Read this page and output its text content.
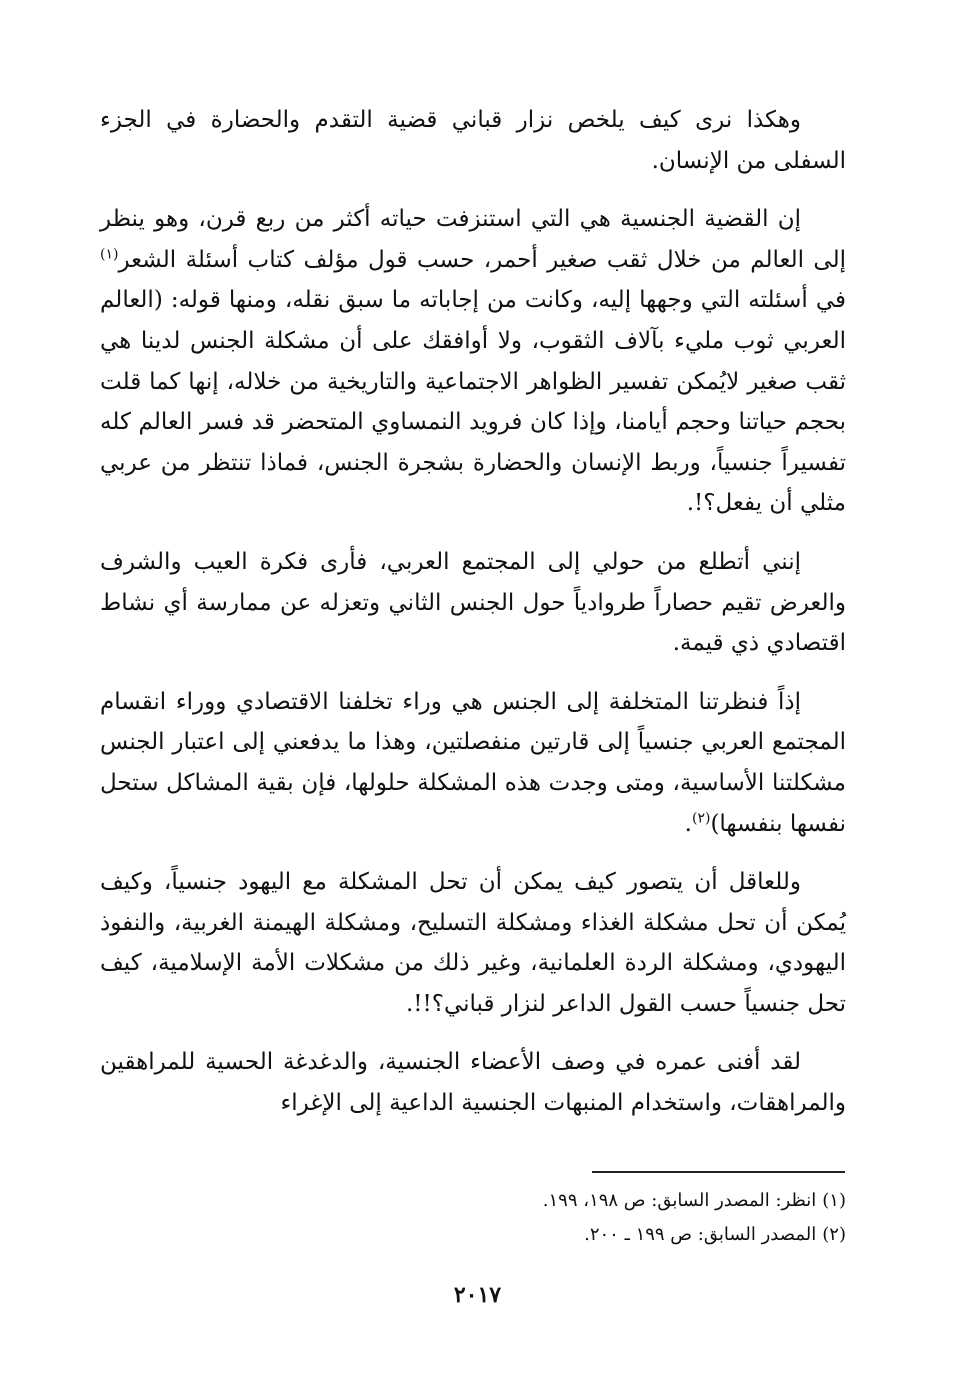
وهكذا نرى كيف يلخص نزار قباني قضية التقدم والحضارة في الجزء السفلى من الإنسان.

إن القضية الجنسية هي التي استنزفت حياته أكثر من ربع قرن، وهو ينظر إلى العالم من خلال ثقب صغير أحمر، حسب قول مؤلف كتاب أسئلة الشعر$^{(١)}$ في أسئلته التي وجهها إليه، وكانت من إجاباته ما سبق نقله، ومنها قوله: (العالم العربي ثوب مليء بآلاف الثقوب، ولا أوافقك على أن مشكلة الجنس لدينا هي ثقب صغير لايُمكن تفسير الظواهر الاجتماعية والتاريخية من خلاله، إنها كما قلت بحجم حياتنا وحجم أيامنا، وإذا كان فرويد النمساوي المتحضر قد فسر العالم كله تفسيراً جنسياً، وربط الإنسان والحضارة بشجرة الجنس، فماذا تنتظر من عربي مثلي أن يفعل؟!.

إنني أتطلع من حولي إلى المجتمع العربي، فأرى فكرة العيب والشرف والعرض تقيم حصاراً طروادياً حول الجنس الثاني وتعزله عن ممارسة أي نشاط اقتصادي ذي قيمة.

إذاً فنظرتنا المتخلفة إلى الجنس هي وراء تخلفنا الاقتصادي ووراء انقسام المجتمع العربي جنسياً إلى قارتين منفصلتين، وهذا ما يدفعني إلى اعتبار الجنس مشكلتنا الأساسية، ومتى وجدت هذه المشكلة حلولها، فإن بقية المشاكل ستحل نفسها بنفسها)$^{(٢)}$.

وللعاقل أن يتصور كيف يمكن أن تحل المشكلة مع اليهود جنسياً، وكيف يُمكن أن تحل مشكلة الغذاء ومشكلة التسليح، ومشكلة الهيمنة الغربية، والنفوذ اليهودي، ومشكلة الردة العلمانية، وغير ذلك من مشكلات الأمة الإسلامية، كيف تحل جنسياً حسب القول الداعر لنزار قباني؟!!.

لقد أفنى عمره في وصف الأعضاء الجنسية، والدغدغة الحسية للمراهقين والمراهقات، واستخدام المنبهات الجنسية الداعية إلى الإغراء

(١)انظر: المصدر السابق: ص ١٩٨، ١٩٩.

(٢)المصدر السابق: ص ١٩٩ ـ ٢٠٠.

٢٠١٧
